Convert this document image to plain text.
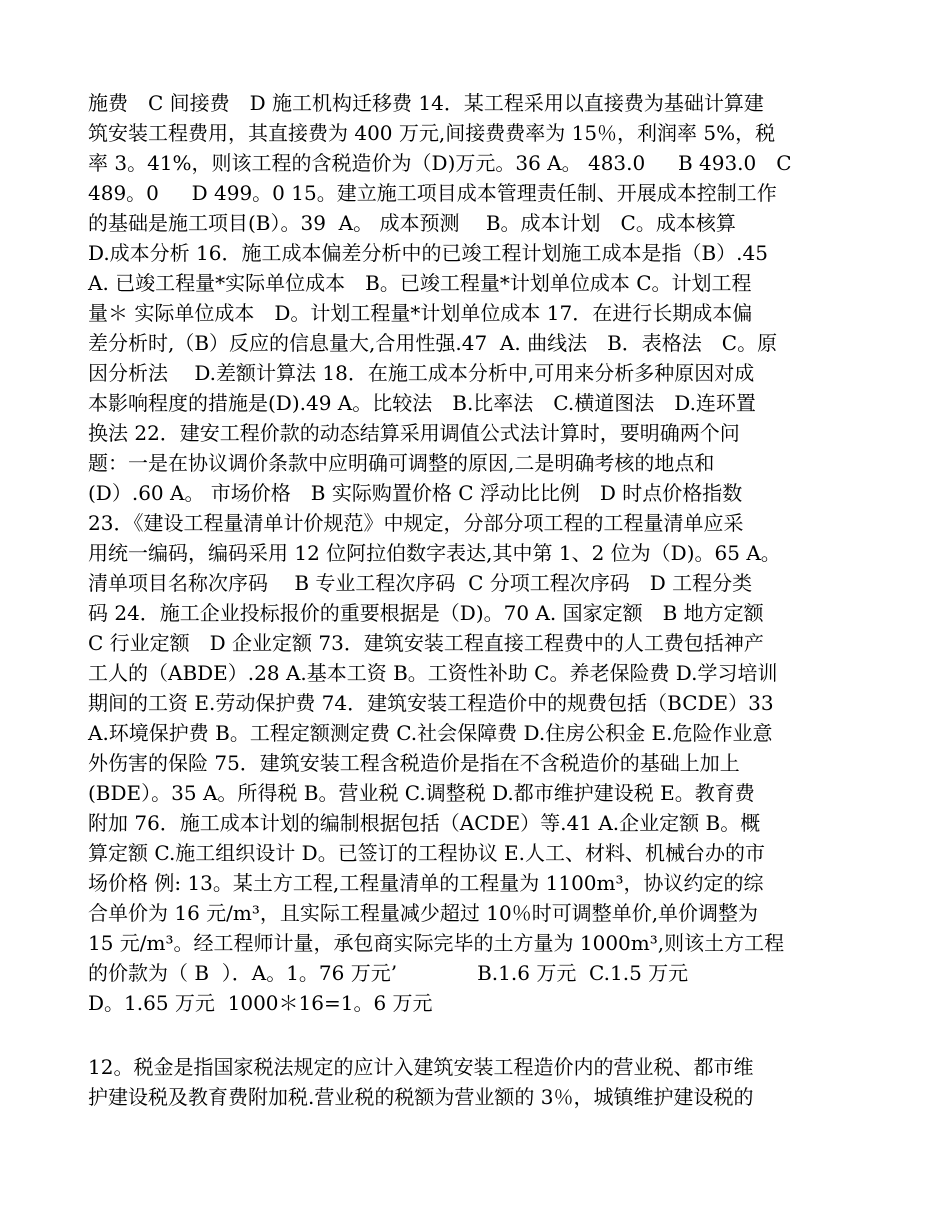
施费　C 间接费　D 施工机构迁移费 14．某工程采用以直接费为基础计算建
筑安装工程费用，其直接费为 400 万元,间接费费率为 15％，利润率 5%，税
率 3。41%，则该工程的含税造价为（D)万元。36 A。 483.0　  B 493.0　C
489。0　  D 499。0 15。建立施工项目成本管理责任制、开展成本控制工作
的基础是施工项目(B）。39  A。 成本预测　 B。成本计划　C。成本核算
D.成本分析 16．施工成本偏差分析中的已竣工程计划施工成本是指（B）.45
A. 已竣工程量*实际单位成本　B。已竣工程量*计划单位成本 C。计划工程
量＊ 实际单位成本　D。计划工程量*计划单位成本 17．在进行长期成本偏
差分析时,（B）反应的信息量大,合用性强.47  A. 曲线法　B．表格法　C。原
因分析法　 D.差额计算法 18．在施工成本分析中,可用来分析多种原因对成
本影响程度的措施是(D).49 A。比较法　B.比率法　C.横道图法　D.连环置
换法 22．建安工程价款的动态结算采用调值公式法计算时，要明确两个问
题：一是在协议调价条款中应明确可调整的原因,二是明确考核的地点和
(D）.60 A。 市场价格　B 实际购置价格 C 浮动比比例　D 时点价格指数
23．《建设工程量清单计价规范》中规定，分部分项工程的工程量清单应采
用统一编码，编码采用 12 位阿拉伯数字表达,其中第 1、2 位为（D)。65 A。
清单项目名称次序码　 B 专业工程次序码  C 分项工程次序码　D 工程分类
码 24．施工企业投标报价的重要根据是（D)。70 A. 国家定额　B 地方定额
C 行业定额　D 企业定额 73．建筑安装工程直接工程费中的人工费包括神产
工人的（ABDE）.28 A.基本工资 B。工资性补助 C。养老保险费 D.学习培训
期间的工资 E.劳动保护费 74．建筑安装工程造价中的规费包括（BCDE）33
A.环境保护费 B。工程定额测定费 C.社会保障费 D.住房公积金 E.危险作业意
外伤害的保险 75．建筑安装工程含税造价是指在不含税造价的基础上加上
(BDE）。35 A。所得税 B。营业税 C.调整税 D.都市维护建设税 E。教育费
附加 76．施工成本计划的编制根据包括（ACDE）等.41 A.企业定额 B。概
算定额 C.施工组织设计 D。已签订的工程协议 E.人工、材料、机械台办的市
场价格 例: 13。某土方工程,工程量清单的工程量为 1100m³，协议约定的综
合单价为 16 元/m³，且实际工程量减少超过 10％时可调整单价,单价调整为
15 元/m³。经工程师计量，承包商实际完毕的土方量为 1000m³,则该土方工程
的价款为（ B  ）．A。1。76 万元’　　　　B.1.6 万元  C.1.5 万元
D。1.65 万元  1000＊16=1。6 万元
12。税金是指国家税法规定的应计入建筑安装工程造价内的营业税、都市维
护建设税及教育费附加税.营业税的税额为营业额的 3％，城镇维护建设税的
